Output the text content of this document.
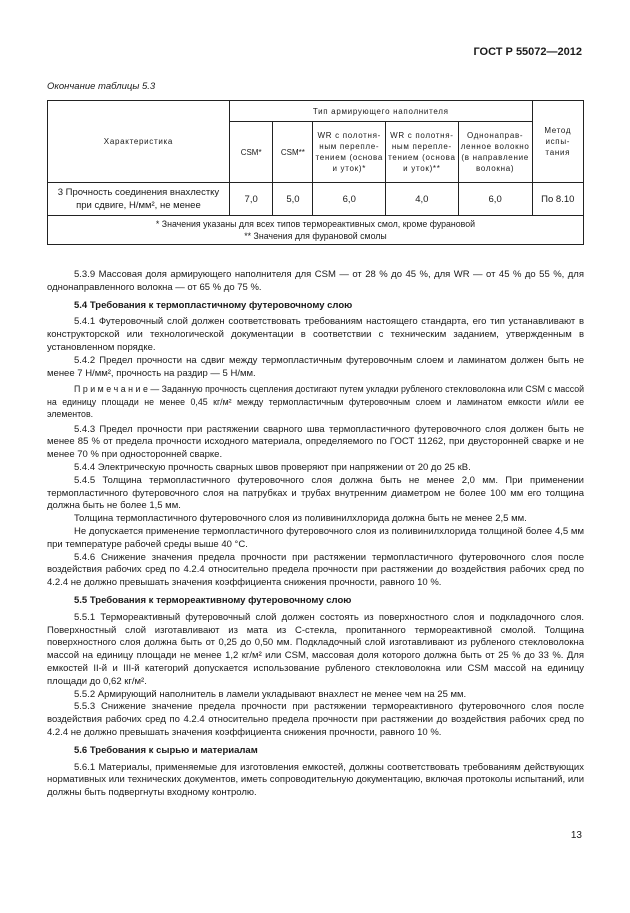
ГОСТ Р 55072—2012
Окончание таблицы 5.3
Характеристика	Тип армирующего наполнителя					Метод испы- тания
	CSM*	CSM**	WR с полотня- ным перепле- тением (основа и уток)*	WR с полотня- ным перепле- тением (основа и уток)**	Однонаправ- ленное волокно (в направление волокна)	
3 Прочность соединения внахлестку при сдвиге, Н/мм², не менее	7,0	5,0	6,0	4,0	6,0	По 8.10

* Значения указаны для всех типов термореактивных смол, кроме фурановой
** Значения для фурановой смолы						

5.3.9 Массовая доля армирующего наполнителя для CSM — от 28 % до 45 %, для WR — от 45 % до 55 %, для однонаправленного волокна — от 65 % до 75 %.

5.4 Требования к термопластичному футеровочному слою

5.4.1 Футеровочный слой должен соответствовать требованиям настоящего стандарта, его тип устанавливают в конструкторской или технологической документации в соответствии с техническим заданием, утвержденным в установленном порядке.

5.4.2 Предел прочности на сдвиг между термопластичным футеровочным слоем и ламинатом должен быть не менее 7 Н/мм², прочность на раздир — 5 Н/мм.

П р и м е ч а н и е — Заданную прочность сцепления достигают путем укладки рубленого стекловолокна или CSM с массой на единицу площади не менее 0,45 кг/м² между термопластичным футеровочным слоем и ламинатом емкости и/или ее элементов.

5.4.3 Предел прочности при растяжении сварного шва термопластичного футеровочного слоя должен быть не менее 85 % от предела прочности исходного материала, определяемого по ГОСТ 11262, при двусторонней сварке и не менее 70 % при односторонней сварке.

5.4.4 Электрическую прочность сварных швов проверяют при напряжении от 20 до 25 кВ.

5.4.5 Толщина термопластичного футеровочного слоя должна быть не менее 2,0 мм. При применении термопластичного футеровочного слоя на патрубках и трубах внутренним диаметром не более 100 мм его толщина должна быть не более 1,5 мм.

Толщина термопластичного футеровочного слоя из поливинилхлорида должна быть не менее 2,5 мм.

Не допускается применение термопластичного футеровочного слоя из поливинилхлорида толщиной более 4,5 мм при температуре рабочей среды выше 40 °С.

5.4.6 Снижение значения предела прочности при растяжении термопластичного футеровочного слоя после воздействия рабочих сред по 4.2.4 относительно предела прочности при растяжении до воздействия рабочих сред по 4.2.4 не должно превышать значения коэффициента снижения прочности, равного 10 %.

5.5 Требования к термореактивному футеровочному слою

5.5.1 Термореактивный футеровочный слой должен состоять из поверхностного слоя и подкладочного слоя. Поверхностный слой изготавливают из мата из С-стекла, пропитанного термореактивной смолой. Толщина поверхностного слоя должна быть от 0,25 до 0,50 мм. Подкладочный слой изготавливают из рубленого стекловолокна массой на единицу площади не менее 1,2 кг/м² или CSM, массовая доля которого должна быть от 25 % до 33 %. Для емкостей II-й и III-й категорий допускается использование рубленого стекловолокна или CSM массой на единицу площади до 0,62 кг/м².

5.5.2 Армирующий наполнитель в ламели укладывают внахлест не менее чем на 25 мм.

5.5.3 Снижение значение предела прочности при растяжении термореактивного футеровочного слоя после воздействия рабочих сред по 4.2.4 относительно предела прочности при растяжении до воздействия рабочих сред по 4.2.4 не должно превышать значения коэффициента снижения прочности, равного 10 %.

5.6 Требования к сырью и материалам

5.6.1 Материалы, применяемые для изготовления емкостей, должны соответствовать требованиям действующих нормативных или технических документов, иметь сопроводительную документацию, включая протоколы испытаний, или должны быть подвергнуты входному контролю.

13
